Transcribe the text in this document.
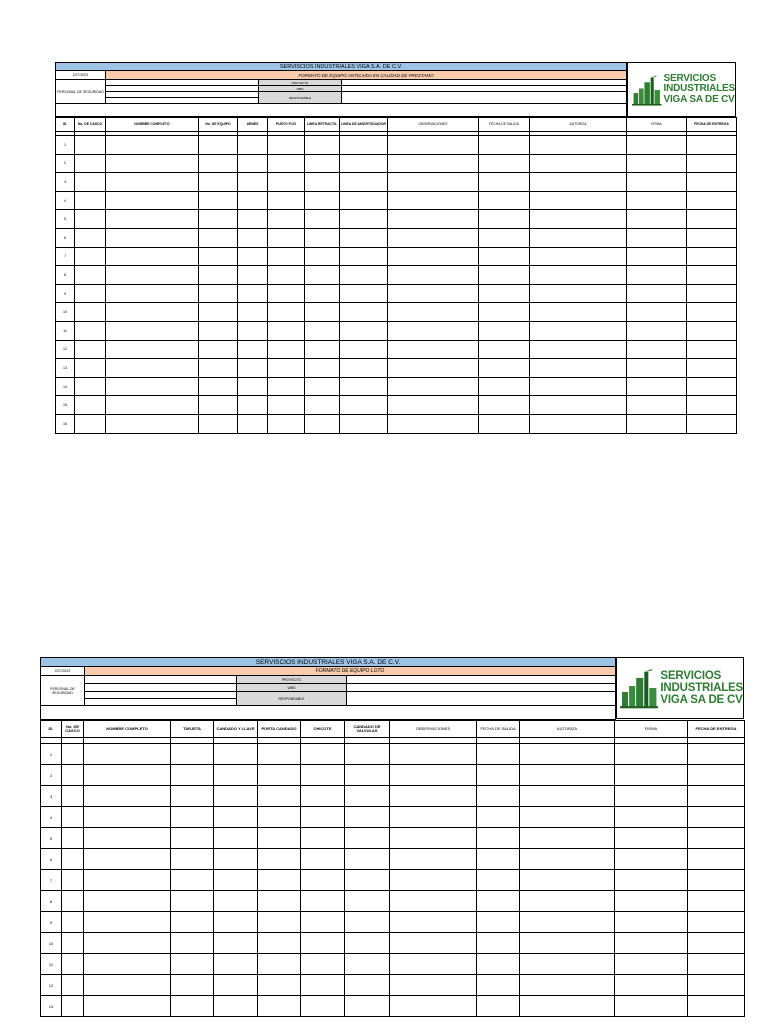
SERVISCIOS INDUSTRIALES VIGA S.A. DE C.V.			
2/27/2023	FORMATO DE EQUIPO ANTICAIDA EN CALIDAD DE PRESTAMO		
PERSONAL DE SEGURIDAD		PROYECTO	
		WBS	
		RESPONSABLE	

SERVICIOS
INDUSTRIALES
VIGA SA DE CV
ID.	No. DE CASCO	NOMBRE COMPLETO	No. DE EQUIPO	ARNES	PUNTO FIJO	LINEA RETRACTIL	LINEA DE AMORTIGUADOR	OBSERVACIONES	FECHA DE SALIDA	AUTORIZA	FIRMA	FECHA DE ENTREGA

1												
2												
3												
4												
5												
6												
7												
8												
9												
10												
11												
12												
13												
14												
15												
16												
SERVISCIOS INDUSTRIALES VIGA S.A. DE C.V.			
2/27/2023	FORMATO DE EQUIPO LOTO		
PERSONAL DE SEGURIDAD		PROYECTO	
		WBS	
		RESPONSABLE	

SERVICIOS
INDUSTRIALES
VIGA SA DE CV
ID.	No. DE CASCO	NOMBRE COMPLETO	TARJETA	CANDADO Y LLAVE	PORTA CANDADO	CHICOTE	CANDADO DE VALVULAS	OBSERVACIONES	FECHA DE SALIDA	AUTORIZA	FIRMA	FECHA DE ENTREGA

1												
2												
3												
4												
5												
6												
7												
8												
9												
10												
11												
12												
13												
